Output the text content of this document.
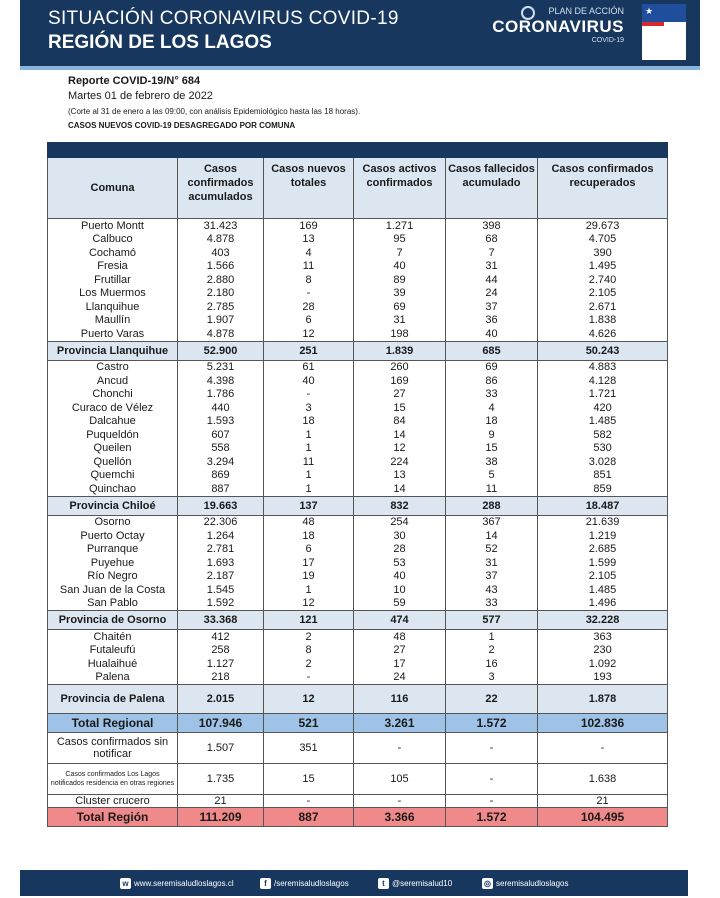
SITUACIÓN CORONAVIRUS COVID-19
REGIÓN DE LOS LAGOS
PLAN DE ACCIÓN
CORONAVIRUS
COVID-19
★
Reporte COVID-19/N° 684
Martes 01 de febrero de 2022
(Corte al 31 de enero a las 09:00, con análisis Epidemiológico hasta las 18 horas).
CASOS NUEVOS COVID-19 DESAGREGADO POR COMUNA

Comuna	Casos confirmados acumulados	Casos nuevos totales	Casos activos confirmados	Casos fallecidos acumulado	Casos confirmados recuperados
Puerto Montt	31.423	169	1.271	398	29.673
Calbuco	4.878	13	95	68	4.705
Cochamó	403	4	7	7	390
Fresia	1.566	11	40	31	1.495
Frutillar	2.880	8	89	44	2.740
Los Muermos	2.180	-	39	24	2.105
Llanquihue	2.785	28	69	37	2.671
Maullín	1.907	6	31	36	1.838
Puerto Varas	4.878	12	198	40	4.626
Provincia Llanquihue	52.900	251	1.839	685	50.243
Castro	5.231	61	260	69	4.883
Ancud	4.398	40	169	86	4.128
Chonchi	1.786	-	27	33	1.721
Curaco de Vélez	440	3	15	4	420
Dalcahue	1.593	18	84	18	1.485
Puqueldón	607	1	14	9	582
Queilen	558	1	12	15	530
Quellón	3.294	11	224	38	3.028
Quemchi	869	1	13	5	851
Quinchao	887	1	14	11	859
Provincia Chiloé	19.663	137	832	288	18.487
Osorno	22.306	48	254	367	21.639
Puerto Octay	1.264	18	30	14	1.219
Purranque	2.781	6	28	52	2.685
Puyehue	1.693	17	53	31	1.599
Río Negro	2.187	19	40	37	2.105
San Juan de la Costa	1.545	1	10	43	1.485
San Pablo	1.592	12	59	33	1.496
Provincia de Osorno	33.368	121	474	577	32.228
Chaitén	412	2	48	1	363
Futaleufú	258	8	27	2	230
Hualaihué	1.127	2	17	16	1.092
Palena	218	-	24	3	193
Provincia de Palena	2.015	12	116	22	1.878
Total Regional	107.946	521	3.261	1.572	102.836
Casos confirmados sin notificar	1.507	351	-	-	-
Casos confirmados Los Lagos notificados residencia en otras regiones	1.735	15	105	-	1.638
Cluster crucero	21	-	-	-	21
Total Región	111.209	887	3.366	1.572	104.495
w www.seremisaludloslagos.cl	f /seremisaludloslagos	t @seremisalud10	◎ seremisaludloslagos
